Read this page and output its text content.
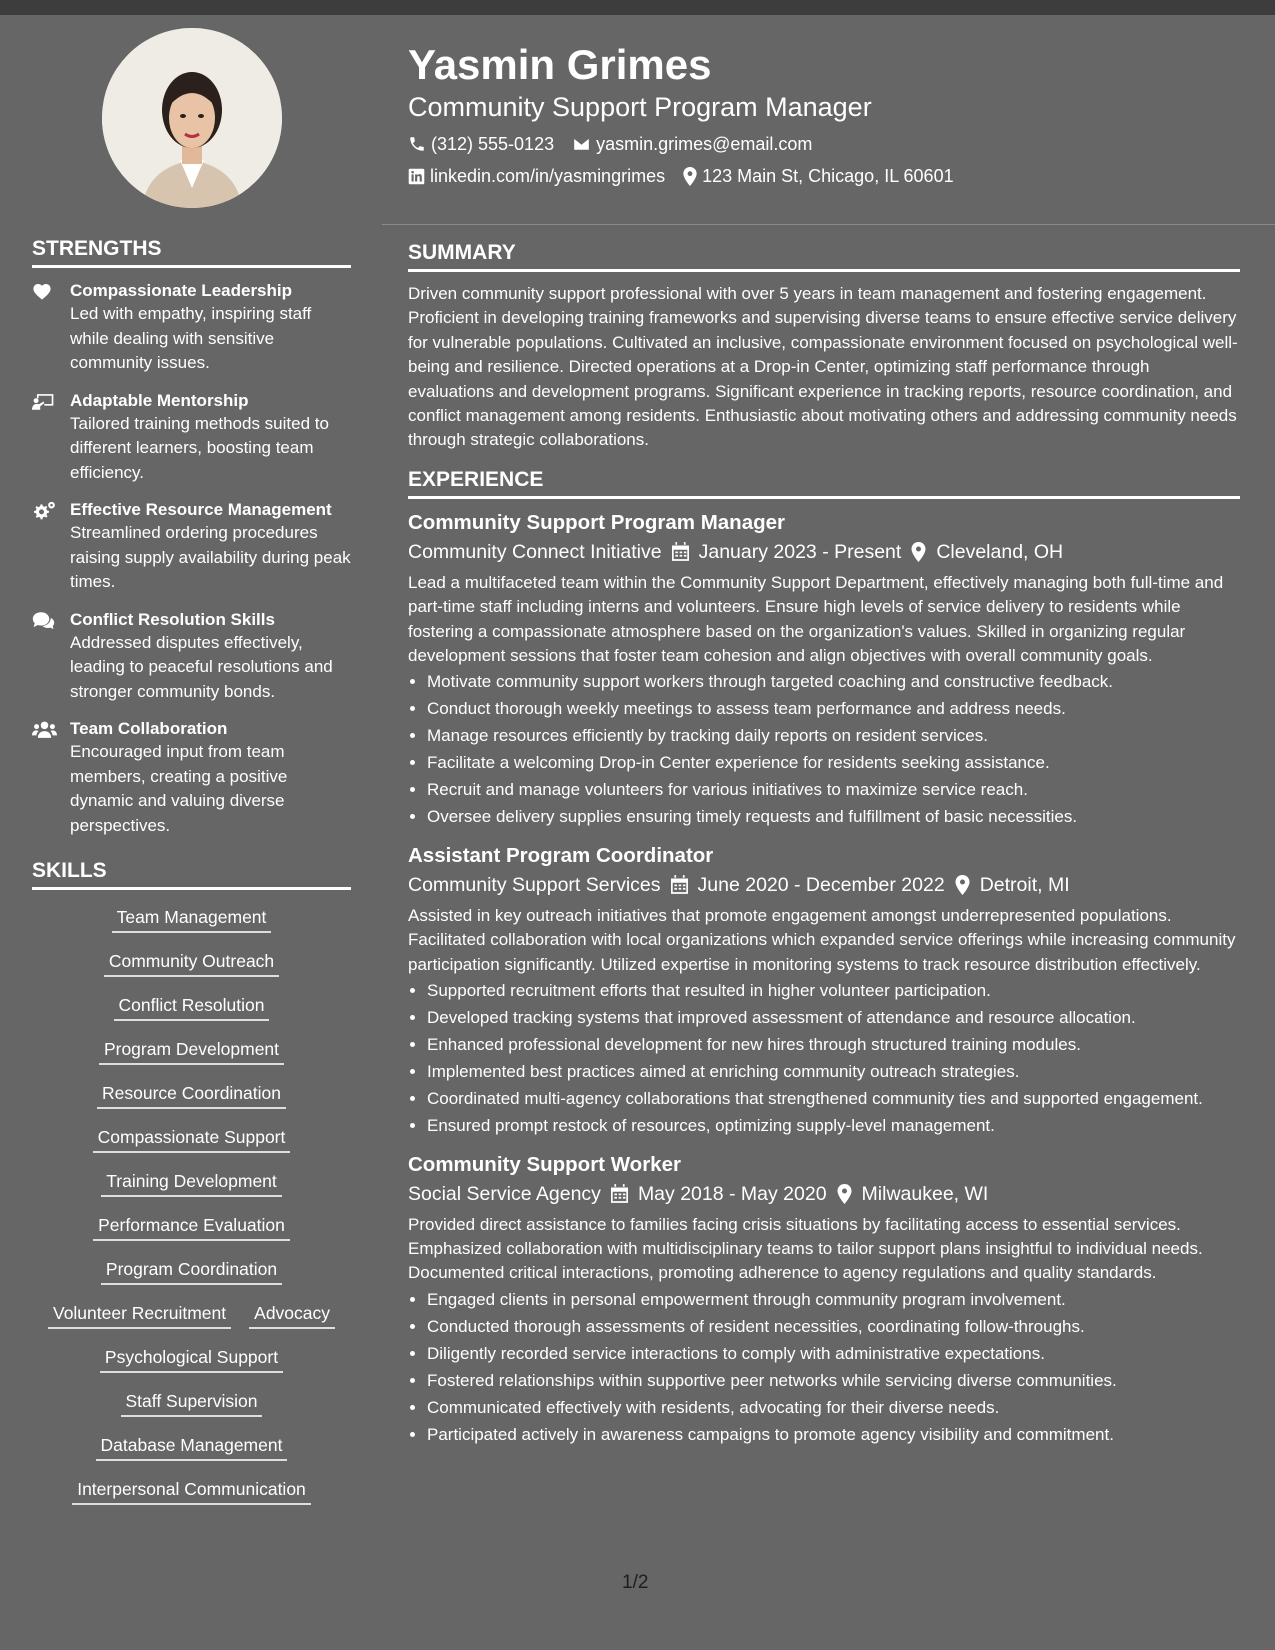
STRENGTHS
Compassionate Leadership
Led with empathy, inspiring staff while dealing with sensitive community issues.
Adaptable Mentorship
Tailored training methods suited to different learners, boosting team efficiency.
Effective Resource Management
Streamlined ordering procedures raising supply availability during peak times.
Conflict Resolution Skills
Addressed disputes effectively, leading to peaceful resolutions and stronger community bonds.
Team Collaboration
Encouraged input from team members, creating a positive dynamic and valuing diverse perspectives.
SKILLS
Team Management
Community Outreach
Conflict Resolution
Program Development
Resource Coordination
Compassionate Support
Training Development
Performance Evaluation
Program Coordination
Volunteer Recruitment Advocacy
Psychological Support
Staff Supervision
Database Management
Interpersonal Communication
Yasmin Grimes
Community Support Program Manager
(312) 555-0123 yasmin.grimes@email.com
linkedin.com/in/yasmingrimes 123 Main St, Chicago, IL 60601
SUMMARY

Driven community support professional with over 5 years in team management and fostering engagement. Proficient in developing training frameworks and supervising diverse teams to ensure effective service delivery for vulnerable populations. Cultivated an inclusive, compassionate environment focused on psychological well-being and resilience. Directed operations at a Drop-in Center, optimizing staff performance through evaluations and development programs. Significant experience in tracking reports, resource coordination, and conflict management among residents. Enthusiastic about motivating others and addressing community needs through strategic collaborations.

EXPERIENCE
Community Support Program Manager
Community Connect Initiative January 2023 - Present Cleveland, OH

Lead a multifaceted team within the Community Support Department, effectively managing both full-time and part-time staff including interns and volunteers. Ensure high levels of service delivery to residents while fostering a compassionate atmosphere based on the organization's values. Skilled in organizing regular development sessions that foster team cohesion and align objectives with overall community goals.

• Motivate community support workers through targeted coaching and constructive feedback.
• Conduct thorough weekly meetings to assess team performance and address needs.
• Manage resources efficiently by tracking daily reports on resident services.
• Facilitate a welcoming Drop-in Center experience for residents seeking assistance.
• Recruit and manage volunteers for various initiatives to maximize service reach.
• Oversee delivery supplies ensuring timely requests and fulfillment of basic necessities.
Assistant Program Coordinator
Community Support Services June 2020 - December 2022 Detroit, MI

Assisted in key outreach initiatives that promote engagement amongst underrepresented populations. Facilitated collaboration with local organizations which expanded service offerings while increasing community participation significantly. Utilized expertise in monitoring systems to track resource distribution effectively.

• Supported recruitment efforts that resulted in higher volunteer participation.
• Developed tracking systems that improved assessment of attendance and resource allocation.
• Enhanced professional development for new hires through structured training modules.
• Implemented best practices aimed at enriching community outreach strategies.
• Coordinated multi-agency collaborations that strengthened community ties and supported engagement.
• Ensured prompt restock of resources, optimizing supply-level management.
Community Support Worker
Social Service Agency May 2018 - May 2020 Milwaukee, WI

Provided direct assistance to families facing crisis situations by facilitating access to essential services. Emphasized collaboration with multidisciplinary teams to tailor support plans insightful to individual needs. Documented critical interactions, promoting adherence to agency regulations and quality standards.

• Engaged clients in personal empowerment through community program involvement.
• Conducted thorough assessments of resident necessities, coordinating follow-throughs.
• Diligently recorded service interactions to comply with administrative expectations.
• Fostered relationships within supportive peer networks while servicing diverse communities.
• Communicated effectively with residents, advocating for their diverse needs.
• Participated actively in awareness campaigns to promote agency visibility and commitment.
1/2
